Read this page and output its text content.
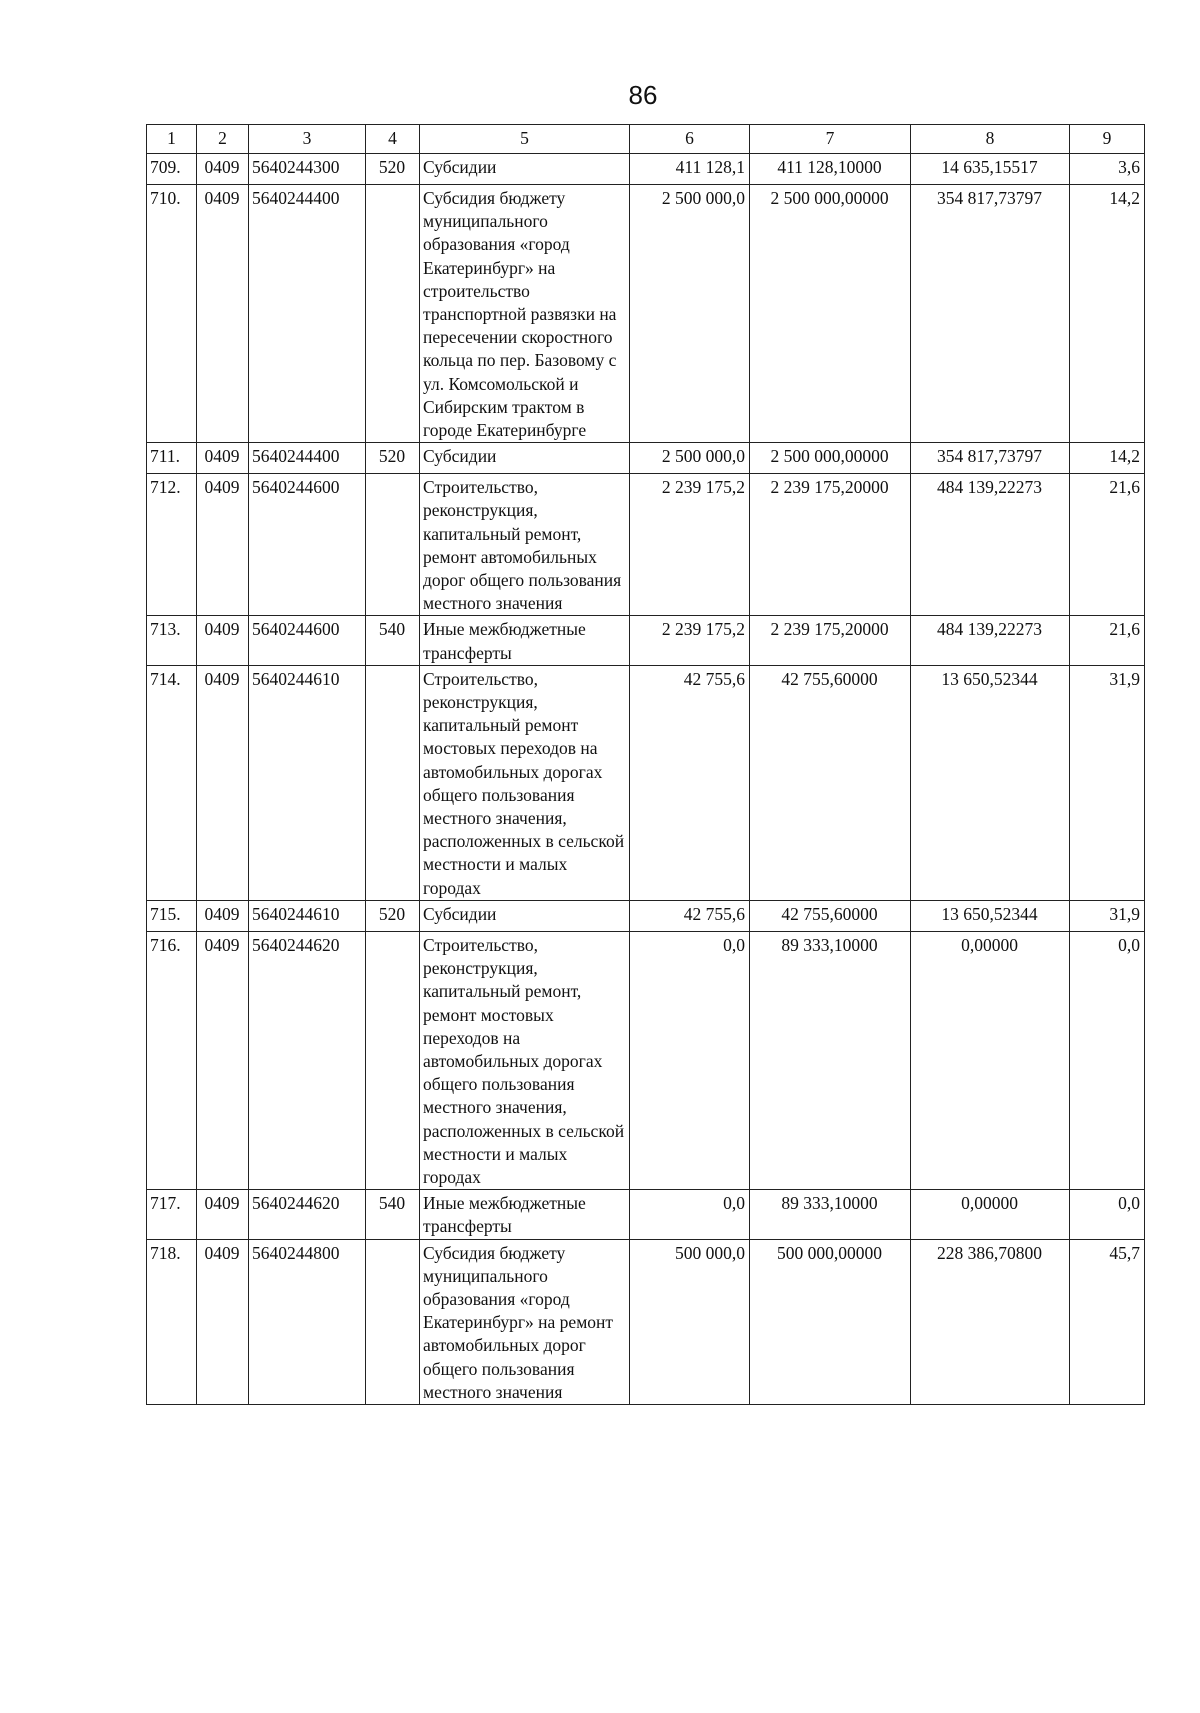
86
1	2	3	4	5	6	7	8	9
709.	0409	5640244300	520	Субсидии	411 128,1	411 128,10000	14 635,15517	3,6
710.	0409	5640244400		Субсидия бюджету муниципального образования «город Екатеринбург» на строительство транспортной развязки на пересечении скоростного кольца по пер. Базовому с ул. Комсомольской и Сибирским трактом в городе Екатеринбурге	2 500 000,0	2 500 000,00000	354 817,73797	14,2
711.	0409	5640244400	520	Субсидии	2 500 000,0	2 500 000,00000	354 817,73797	14,2
712.	0409	5640244600		Строительство, реконструкция, капитальный ремонт, ремонт автомобильных дорог общего пользования местного значения	2 239 175,2	2 239 175,20000	484 139,22273	21,6
713.	0409	5640244600	540	Иные межбюджетные трансферты	2 239 175,2	2 239 175,20000	484 139,22273	21,6
714.	0409	5640244610		Строительство, реконструкция, капитальный ремонт мостовых переходов на автомобильных дорогах общего пользования местного значения, расположенных в сельской местности и малых городах	42 755,6	42 755,60000	13 650,52344	31,9
715.	0409	5640244610	520	Субсидии	42 755,6	42 755,60000	13 650,52344	31,9
716.	0409	5640244620		Строительство, реконструкция, капитальный ремонт, ремонт мостовых переходов на автомобильных дорогах общего пользования местного значения, расположенных в сельской местности и малых городах	0,0	89 333,10000	0,00000	0,0
717.	0409	5640244620	540	Иные межбюджетные трансферты	0,0	89 333,10000	0,00000	0,0
718.	0409	5640244800		Субсидия бюджету муниципального образования «город Екатеринбург» на ремонт автомобильных дорог общего пользования местного значения	500 000,0	500 000,00000	228 386,70800	45,7
